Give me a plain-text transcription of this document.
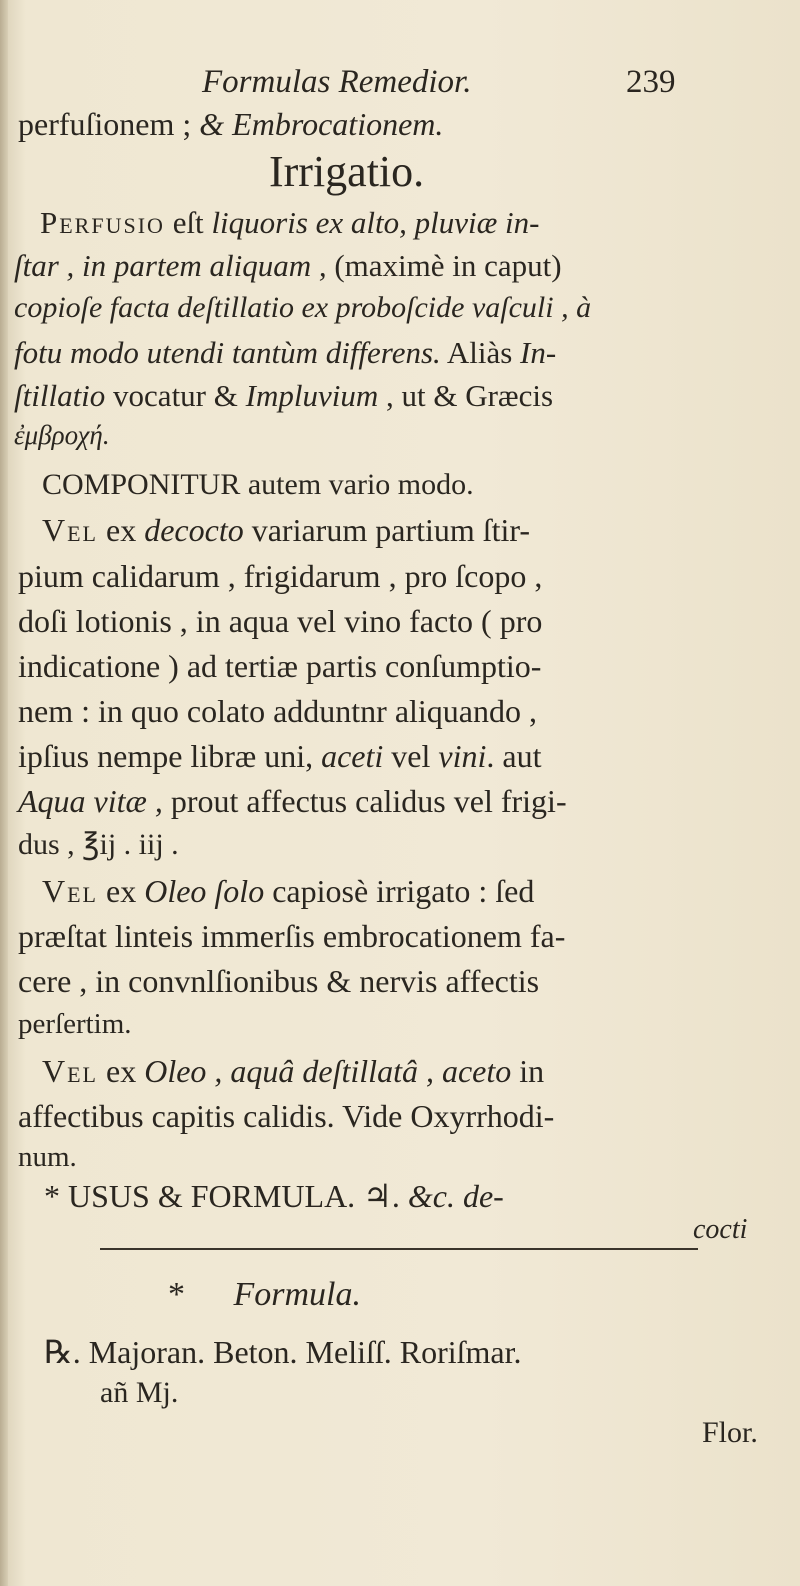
Formulas Remedior.	239
perfuſionem ; & Embrocationem.
Irrigatio.
Perfusio eſt liquoris ex alto, pluviæ in-
ſtar , in partem aliquam , (maximè in caput)
copioſe facta deſtillatio ex proboſcide vaſculi , à
fotu modo utendi tantùm differens. Aliàs In-
ſtillatio vocatur & Impluvium , ut & Græcis
ἐμβροχή.
COMPONITUR autem vario modo.
Vel ex decocto variarum partium ſtir-
pium calidarum , frigidarum , pro ſcopo ,
doſi lotionis , in aqua vel vino facto ( pro
indicatione ) ad tertiæ partis conſumptio-
nem : in quo colato adduntnr aliquando ,
ipſius nempe libræ uni, aceti vel vini. aut
Aqua vitæ , prout affectus calidus vel frigi-
dus , ℥ij . iij .
Vel ex Oleo ſolo capiosè irrigato : ſed
præſtat linteis immerſis embrocationem fa-
cere , in convnlſionibus & nervis affectis
perſertim.
Vel ex Oleo , aquâ deſtillatâ , aceto in
affectibus capitis calidis. Vide Oxyrrhodi-
num.
* USUS & FORMULA. ♃. &c. de-
cocti
* Formula.
℞. Majoran. Beton. Meliſſ. Roriſmar.
añ Mj.
Flor.
